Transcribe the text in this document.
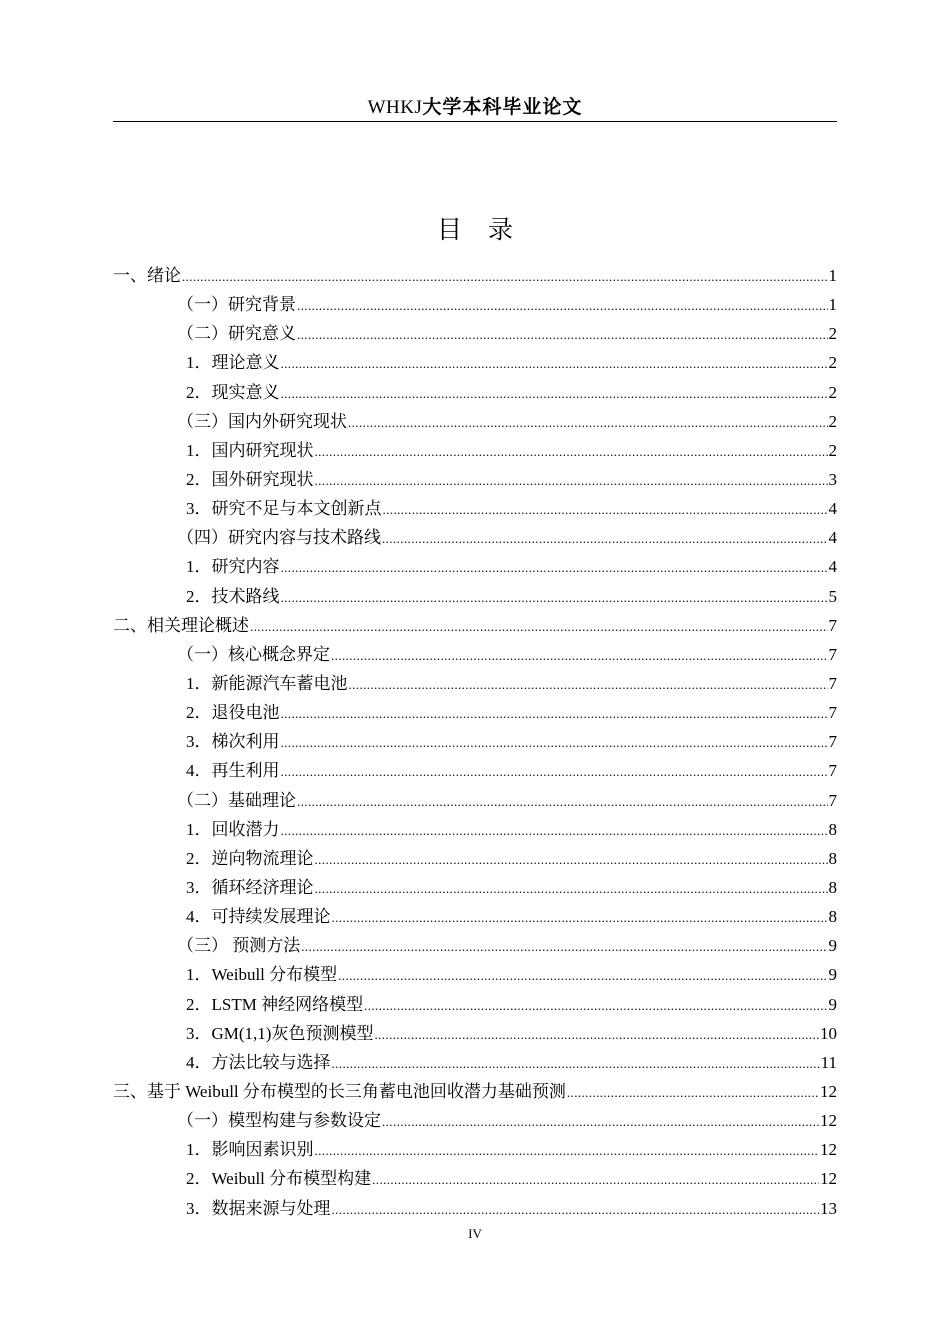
WHKJ大学本科毕业论文
目录
一、绪论 .....	1
（一）研究背景 .....	1
（二）研究意义 .....	2
1．理论意义 .....	2
2．现实意义 .....	2
（三）国内外研究现状 .....	2
1．国内研究现状 .....	2
2．国外研究现状 .....	3
3．研究不足与本文创新点 .....	4
（四）研究内容与技术路线 .....	4
1．研究内容 .....	4
2．技术路线 .....	5
二、相关理论概述 .....	7
（一）核心概念界定 .....	7
1．新能源汽车蓄电池 .....	7
2．退役电池 .....	7
3．梯次利用 .....	7
4．再生利用 .....	7
（二）基础理论 .....	7
1．回收潜力 .....	8
2．逆向物流理论 .....	8
3．循环经济理论 .....	8
4．可持续发展理论 .....	8
（三） 预测方法 .....	9
1．Weibull 分布模型 .....	9
2．LSTM 神经网络模型 .....	9
3．GM(1,1)灰色预测模型 .....	10
4．方法比较与选择 .....	11
三、基于 Weibull 分布模型的长三角蓄电池回收潜力基础预测 .....	12
（一）模型构建与参数设定 .....	12
1．影响因素识别 .....	12
2．Weibull 分布模型构建 .....	12
3．数据来源与处理 .....	13
IV
